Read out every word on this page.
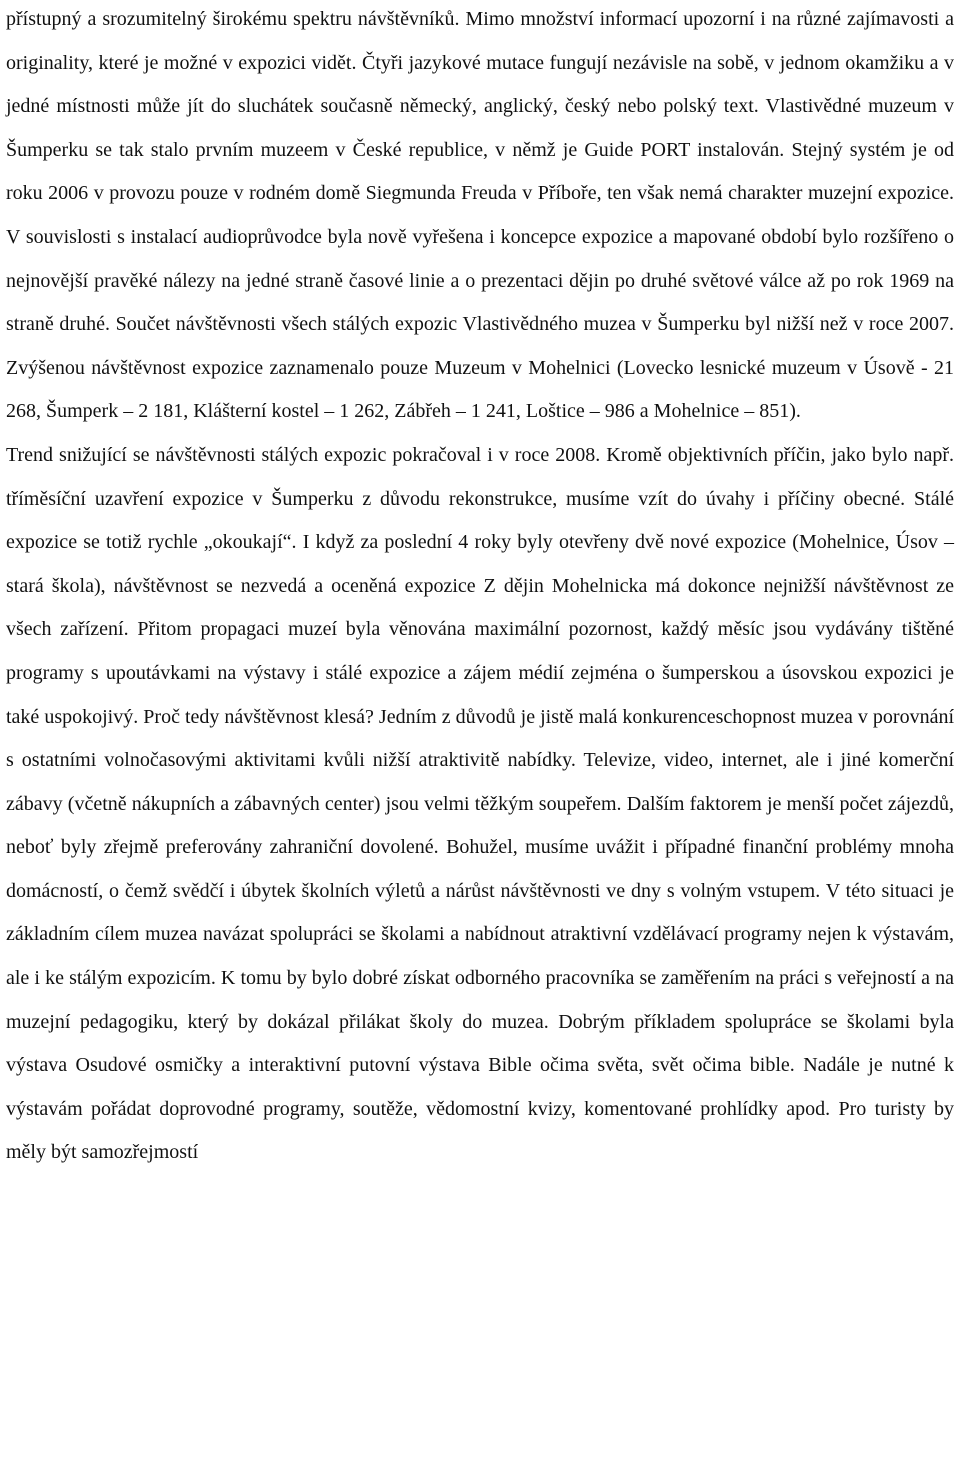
přístupný a srozumitelný širokému spektru návštěvníků. Mimo množství informací upozorní i na různé zajímavosti a originality, které je možné v expozici vidět. Čtyři jazykové mutace fungují nezávisle na sobě, v jednom okamžiku a v jedné místnosti může jít do sluchátek současně německý, anglický, český nebo polský text. Vlastivědné muzeum v Šumperku se tak stalo prvním muzeem v České republice, v němž je Guide PORT instalován. Stejný systém je od roku 2006 v provozu pouze v rodném domě Siegmunda Freuda v Příboře, ten však nemá charakter muzejní expozice. V souvislosti s instalací audioprůvodce byla nově vyřešena i koncepce expozice a mapované období bylo rozšířeno o nejnovější pravěké nálezy na jedné straně časové linie a o prezentaci dějin po druhé světové válce až po rok 1969 na straně druhé. Součet návštěvnosti všech stálých expozic Vlastivědného muzea v Šumperku byl nižší než v roce 2007. Zvýšenou návštěvnost expozice zaznamenalo pouze Muzeum v Mohelnici (Lovecko lesnické muzeum v Úsově - 21 268, Šumperk – 2 181, Klášterní kostel – 1 262, Zábřeh – 1 241, Loštice – 986 a Mohelnice – 851).

Trend snižující se návštěvnosti stálých expozic pokračoval i v roce 2008. Kromě objektivních příčin, jako bylo např. tříměsíční uzavření expozice v Šumperku z důvodu rekonstrukce, musíme vzít do úvahy i příčiny obecné. Stálé expozice se totiž rychle „okoukají“. I když za poslední 4 roky byly otevřeny dvě nové expozice (Mohelnice, Úsov – stará škola), návštěvnost se nezvedá a oceněná expozice Z dějin Mohelnicka má dokonce nejnižší návštěvnost ze všech zařízení. Přitom propagaci muzeí byla věnována maximální pozornost, každý měsíc jsou vydávány tištěné programy s upoutávkami na výstavy i stálé expozice a zájem médií zejména o šumperskou a úsovskou expozici je také uspokojivý. Proč tedy návštěvnost klesá? Jedním z důvodů je jistě malá konkurenceschopnost muzea v porovnání s ostatními volnočasovými aktivitami kvůli nižší atraktivitě nabídky. Televize, video, internet, ale i jiné komerční zábavy (včetně nákupních a zábavných center) jsou velmi těžkým soupeřem. Dalším faktorem je menší počet zájezdů, neboť byly zřejmě preferovány zahraniční dovolené. Bohužel, musíme uvážit i případné finanční problémy mnoha domácností, o čemž svědčí i úbytek školních výletů a nárůst návštěvnosti ve dny s volným vstupem. V této situaci je základním cílem muzea navázat spolupráci se školami a nabídnout atraktivní vzdělávací programy nejen k výstavám, ale i ke stálým expozicím. K tomu by bylo dobré získat odborného pracovníka se zaměřením na práci s veřejností a na muzejní pedagogiku, který by dokázal přilákat školy do muzea. Dobrým příkladem spolupráce se školami byla výstava Osudové osmičky a interaktivní putovní výstava Bible očima světa, svět očima bible. Nadále je nutné k výstavám pořádat doprovodné programy, soutěže, vědomostní kvizy, komentované prohlídky apod. Pro turisty by měly být samozřejmostí
